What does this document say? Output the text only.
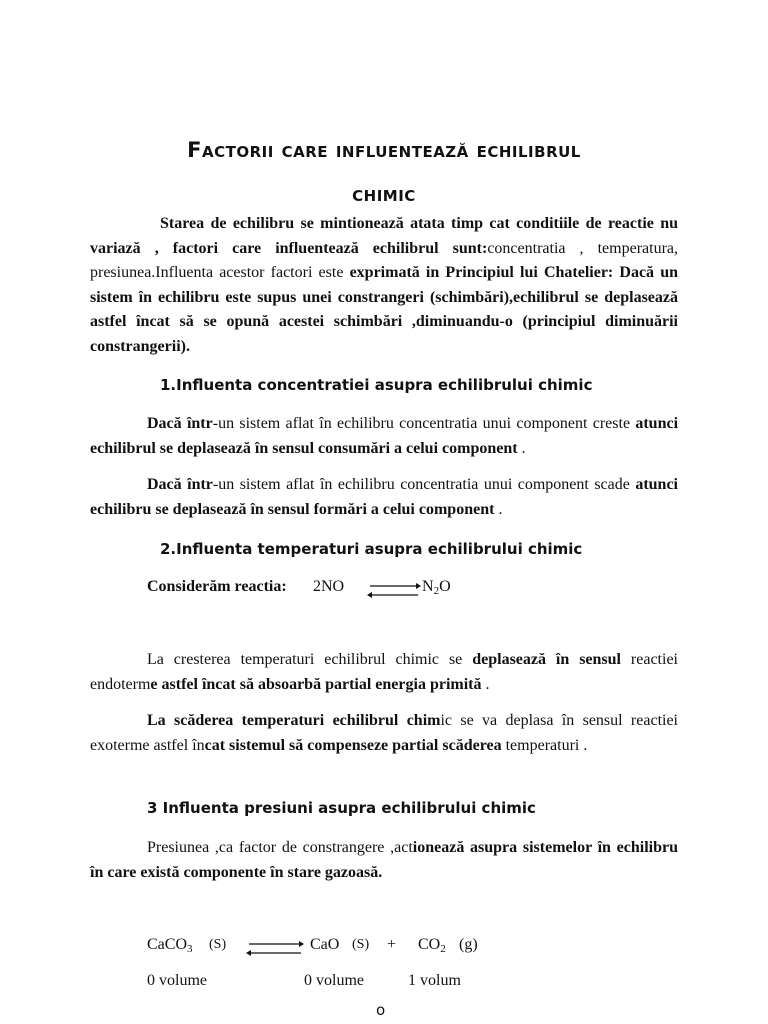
Factorii care influentează echilibrul
chimic

Starea de echilibru se mintionează atata timp cat conditiile de reactie nu variază , factori care influentează echilibrul sunt:concentratia , temperatura, presiunea.Influenta acestor factori este exprimată in Principiul lui Chatelier: Dacă un sistem în echilibru este supus unei constrangeri (schimbări),echilibrul se deplasează astfel încat să se opună acestei schimbări ,diminuandu-o (principiul diminuării constrangerii).

1.Influenta concentratiei asupra echilibrului chimic

Dacă într-un sistem aflat în echilibru concentratia unui component creste atunci echilibrul se deplasează în sensul consumări a celui component .

Dacă într-un sistem aflat în echilibru concentratia unui component scade atunci echilibru se deplasează în sensul formări a celui component .

2.Influenta temperaturi asupra echilibrului chimic
Considerăm reactia: 2NO ⇌ $N_2O$

La cresterea temperaturi echilibrul chimic se deplasează în sensul reactiei endoterme astfel încat să absoarbă partial energia primită .

La scăderea temperaturi echilibrul chimic se va deplasa în sensul reactiei exoterme astfel încat sistemul să compenseze partial scăderea temperaturi .

3 Influenta presiuni asupra echilibrului chimic

Presiunea ,ca factor de constrangere ,actionează asupra sistemelor în echilibru în care există componente în stare gazoasă.

CaCO$_3$ (S)	CaO $(S) + CO_2$ (g)
0 volume	0 volume	1 volum
o
